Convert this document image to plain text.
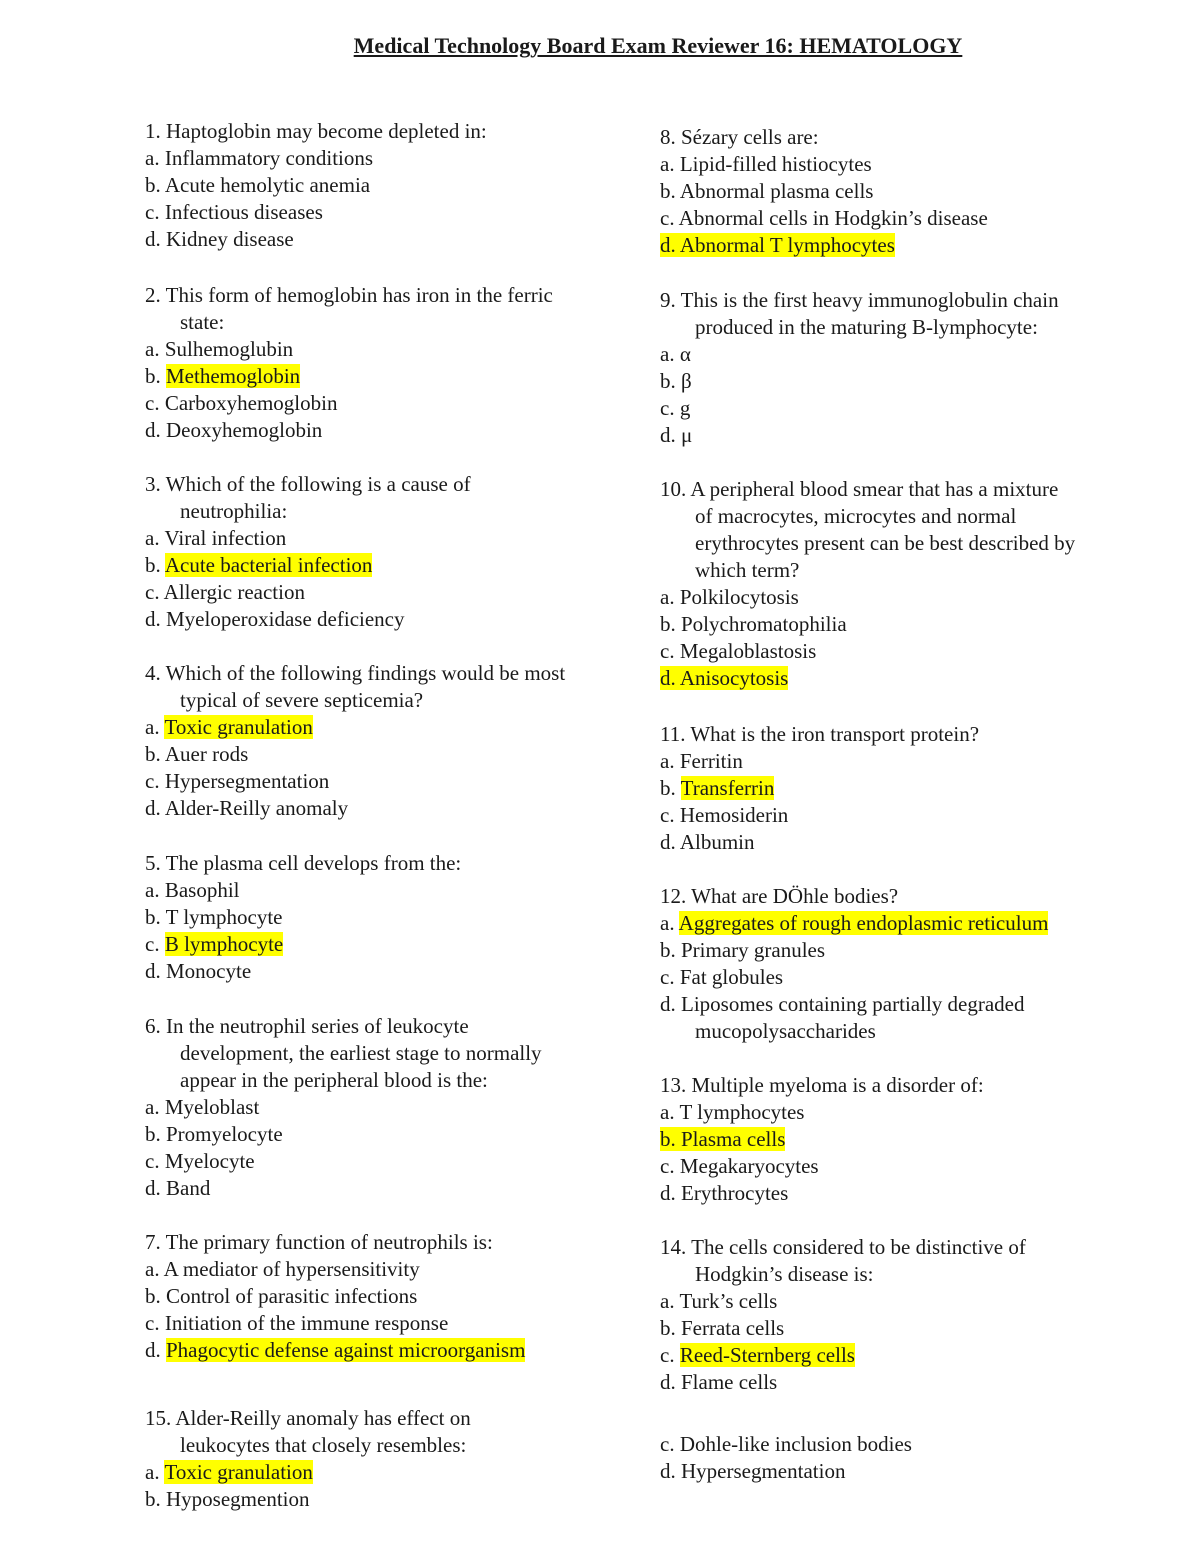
Medical Technology Board Exam Reviewer 16: HEMATOLOGY
1. Haptoglobin may become depleted in:
a. Inflammatory conditions
b. Acute hemolytic anemia
c. Infectious diseases
d. Kidney disease
2. This form of hemoglobin has iron in the ferric
state:
a. Sulhemoglubin
b. Methemoglobin
c. Carboxyhemoglobin
d. Deoxyhemoglobin
3. Which of the following is a cause of
neutrophilia:
a. Viral infection
b. Acute bacterial infection
c. Allergic reaction
d. Myeloperoxidase deficiency
4. Which of the following findings would be most
typical of severe septicemia?
a. Toxic granulation
b. Auer rods
c. Hypersegmentation
d. Alder-Reilly anomaly
5. The plasma cell develops from the:
a. Basophil
b. T lymphocyte
c. B lymphocyte
d. Monocyte
6. In the neutrophil series of leukocyte
development, the earliest stage to normally
appear in the peripheral blood is the:
a. Myeloblast
b. Promyelocyte
c. Myelocyte
d. Band
7. The primary function of neutrophils is:
a. A mediator of hypersensitivity
b. Control of parasitic infections
c. Initiation of the immune response
d. Phagocytic defense against microorganism
15. Alder-Reilly anomaly has effect on
leukocytes that closely resembles:
a. Toxic granulation
b. Hyposegmention
8. Sézary cells are:
a. Lipid-filled histiocytes
b. Abnormal plasma cells
c. Abnormal cells in Hodgkin’s disease
d. Abnormal T lymphocytes
9. This is the first heavy immunoglobulin chain
produced in the maturing B-lymphocyte:
a. α
b. β
c. g
d. μ
10. A peripheral blood smear that has a mixture
of macrocytes, microcytes and normal
erythrocytes present can be best described by
which term?
a. Polkilocytosis
b. Polychromatophilia
c. Megaloblastosis
d. Anisocytosis
11. What is the iron transport protein?
a. Ferritin
b. Transferrin
c. Hemosiderin
d. Albumin
12. What are DÖhle bodies?
a. Aggregates of rough endoplasmic reticulum
b. Primary granules
c. Fat globules
d. Liposomes containing partially degraded
mucopolysaccharides
13. Multiple myeloma is a disorder of:
a. T lymphocytes
b. Plasma cells
c. Megakaryocytes
d. Erythrocytes
14. The cells considered to be distinctive of
Hodgkin’s disease is:
a. Turk’s cells
b. Ferrata cells
c. Reed-Sternberg cells
d. Flame cells
c. Dohle-like inclusion bodies
d. Hypersegmentation
